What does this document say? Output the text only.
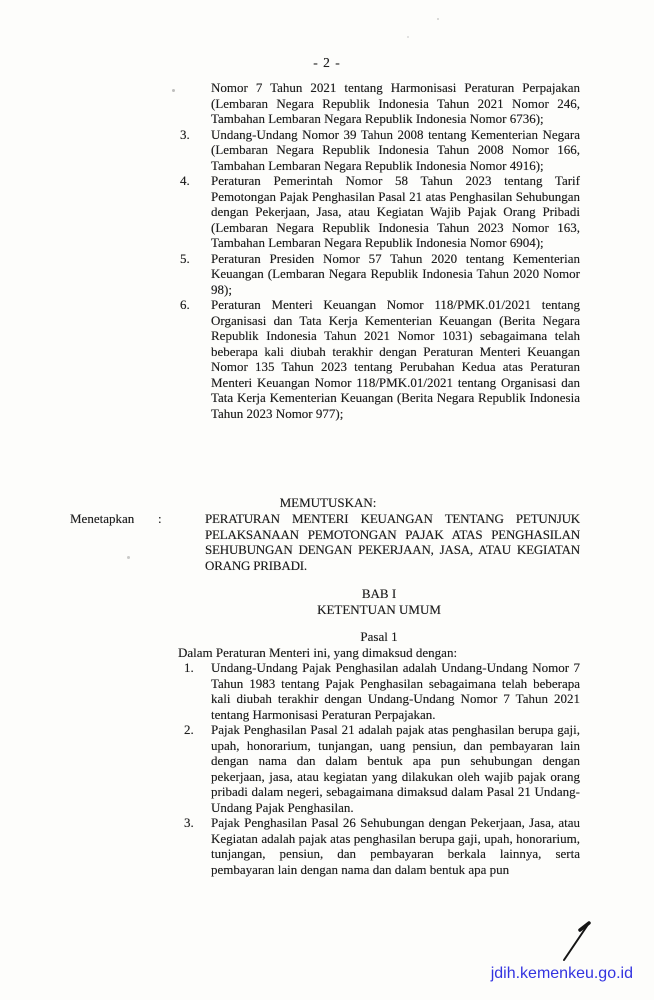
- 2 -

Nomor 7 Tahun 2021 tentang Harmonisasi Peraturan Perpajakan (Lembaran Negara Republik Indonesia Tahun 2021 Nomor 246, Tambahan Lembaran Negara Republik Indonesia Nomor 6736);

3. Undang-Undang Nomor 39 Tahun 2008 tentang Kementerian Negara (Lembaran Negara Republik Indonesia Tahun 2008 Nomor 166, Tambahan Lembaran Negara Republik Indonesia Nomor 4916);
4. Peraturan Pemerintah Nomor 58 Tahun 2023 tentang Tarif Pemotongan Pajak Penghasilan Pasal 21 atas Penghasilan Sehubungan dengan Pekerjaan, Jasa, atau Kegiatan Wajib Pajak Orang Pribadi (Lembaran Negara Republik Indonesia Tahun 2023 Nomor 163, Tambahan Lembaran Negara Republik Indonesia Nomor 6904);
5. Peraturan Presiden Nomor 57 Tahun 2020 tentang Kementerian Keuangan (Lembaran Negara Republik Indonesia Tahun 2020 Nomor 98);
6. Peraturan Menteri Keuangan Nomor 118/PMK.01/2021 tentang Organisasi dan Tata Kerja Kementerian Keuangan (Berita Negara Republik Indonesia Tahun 2021 Nomor 1031) sebagaimana telah beberapa kali diubah terakhir dengan Peraturan Menteri Keuangan Nomor 135 Tahun 2023 tentang Perubahan Kedua atas Peraturan Menteri Keuangan Nomor 118/PMK.01/2021 tentang Organisasi dan Tata Kerja Kementerian Keuangan (Berita Negara Republik Indonesia Tahun 2023 Nomor 977);
MEMUTUSKAN:
Menetapkan :	PERATURAN MENTERI KEUANGAN TENTANG PETUNJUK PELAKSANAAN PEMOTONGAN PAJAK ATAS PENGHASILAN SEHUBUNGAN DENGAN PEKERJAAN, JASA, ATAU KEGIATAN ORANG PRIBADI.
BAB I
KETENTUAN UMUM
Pasal 1
Dalam Peraturan Menteri ini, yang dimaksud dengan:
1. Undang-Undang Pajak Penghasilan adalah Undang-Undang Nomor 7 Tahun 1983 tentang Pajak Penghasilan sebagaimana telah beberapa kali diubah terakhir dengan Undang-Undang Nomor 7 Tahun 2021 tentang Harmonisasi Peraturan Perpajakan.
2. Pajak Penghasilan Pasal 21 adalah pajak atas penghasilan berupa gaji, upah, honorarium, tunjangan, uang pensiun, dan pembayaran lain dengan nama dan dalam bentuk apa pun sehubungan dengan pekerjaan, jasa, atau kegiatan yang dilakukan oleh wajib pajak orang pribadi dalam negeri, sebagaimana dimaksud dalam Pasal 21 Undang-Undang Pajak Penghasilan.
3. Pajak Penghasilan Pasal 26 Sehubungan dengan Pekerjaan, Jasa, atau Kegiatan adalah pajak atas penghasilan berupa gaji, upah, honorarium, tunjangan, pensiun, dan pembayaran berkala lainnya, serta pembayaran lain dengan nama dan dalam bentuk apa pun
jdih.kemenkeu.go.id
